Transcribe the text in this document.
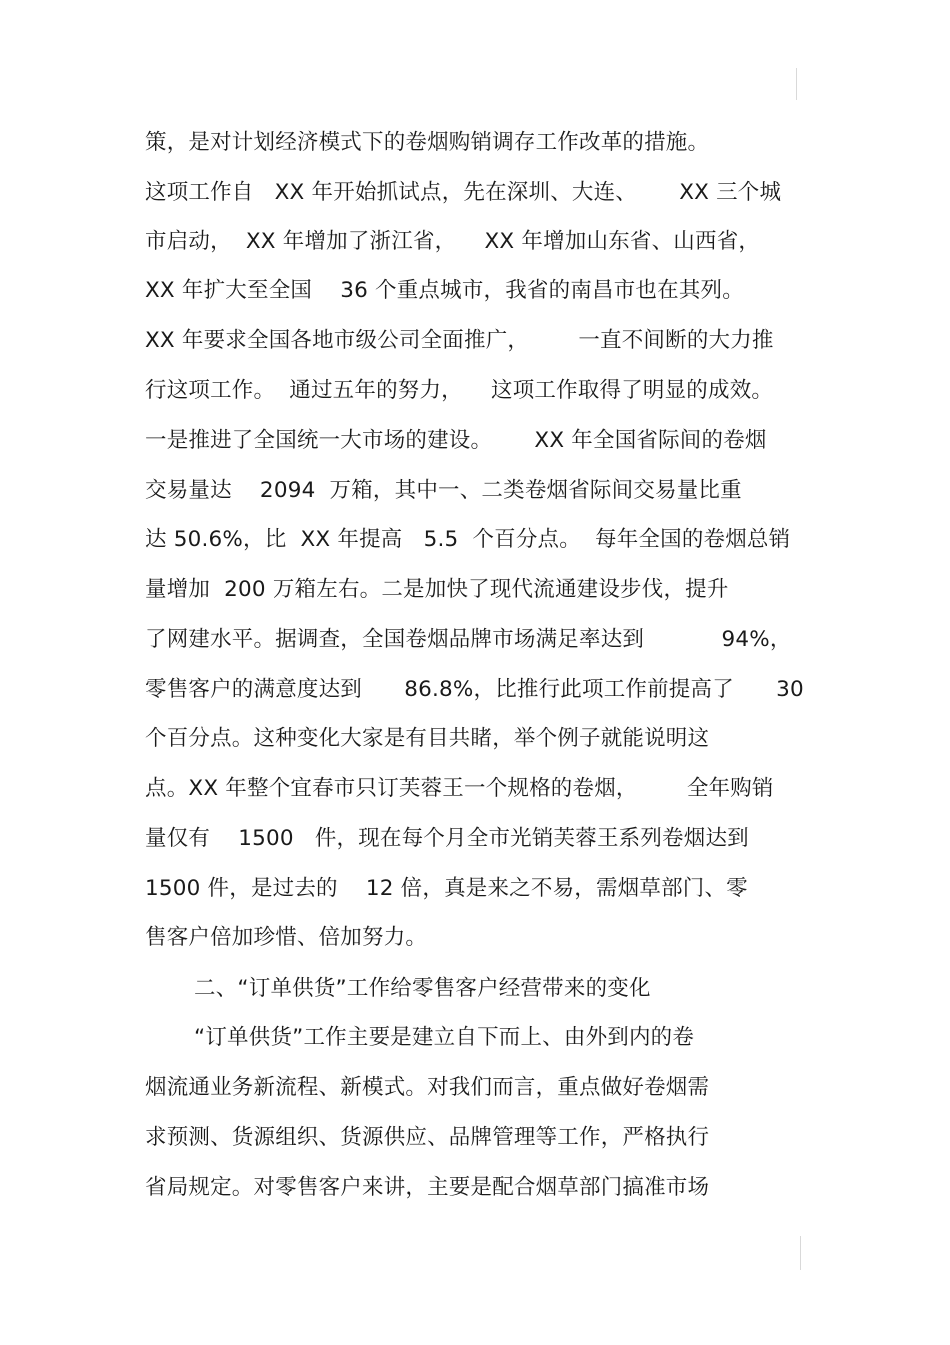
策，是对计划经济模式下的卷烟购销调存工作改革的措施。
这项工作自   XX 年开始抓试点，先在深圳、大连、      XX 三个城
市启动，  XX 年增加了浙江省，    XX 年增加山东省、山西省，
XX 年扩大至全国    36 个重点城市，我省的南昌市也在其列。
XX 年要求全国各地市级公司全面推广，       一直不间断的大力推
行这项工作。  通过五年的努力，    这项工作取得了明显的成效。
一是推进了全国统一大市场的建设。      XX 年全国省际间的卷烟
交易量达    2094  万箱，其中一、二类卷烟省际间交易量比重
达 50.6%，比  XX 年提高   5.5  个百分点。  每年全国的卷烟总销
量增加  200 万箱左右。二是加快了现代流通建设步伐，提升
了网建水平。据调查，全国卷烟品牌市场满足率达到           94%，
零售客户的满意度达到      86.8%，比推行此项工作前提高了      30
个百分点。这种变化大家是有目共睹，举个例子就能说明这
点。XX 年整个宜春市只订芙蓉王一个规格的卷烟，       全年购销
量仅有    1500   件，现在每个月全市光销芙蓉王系列卷烟达到
1500 件，是过去的    12 倍，真是来之不易，需烟草部门、零
售客户倍加珍惜、倍加努力。
二、“订单供货”工作给零售客户经营带来的变化
“订单供货”工作主要是建立自下而上、由外到内的卷
烟流通业务新流程、新模式。对我们而言，重点做好卷烟需
求预测、货源组织、货源供应、品牌管理等工作，严格执行
省局规定。对零售客户来讲，主要是配合烟草部门搞准市场
